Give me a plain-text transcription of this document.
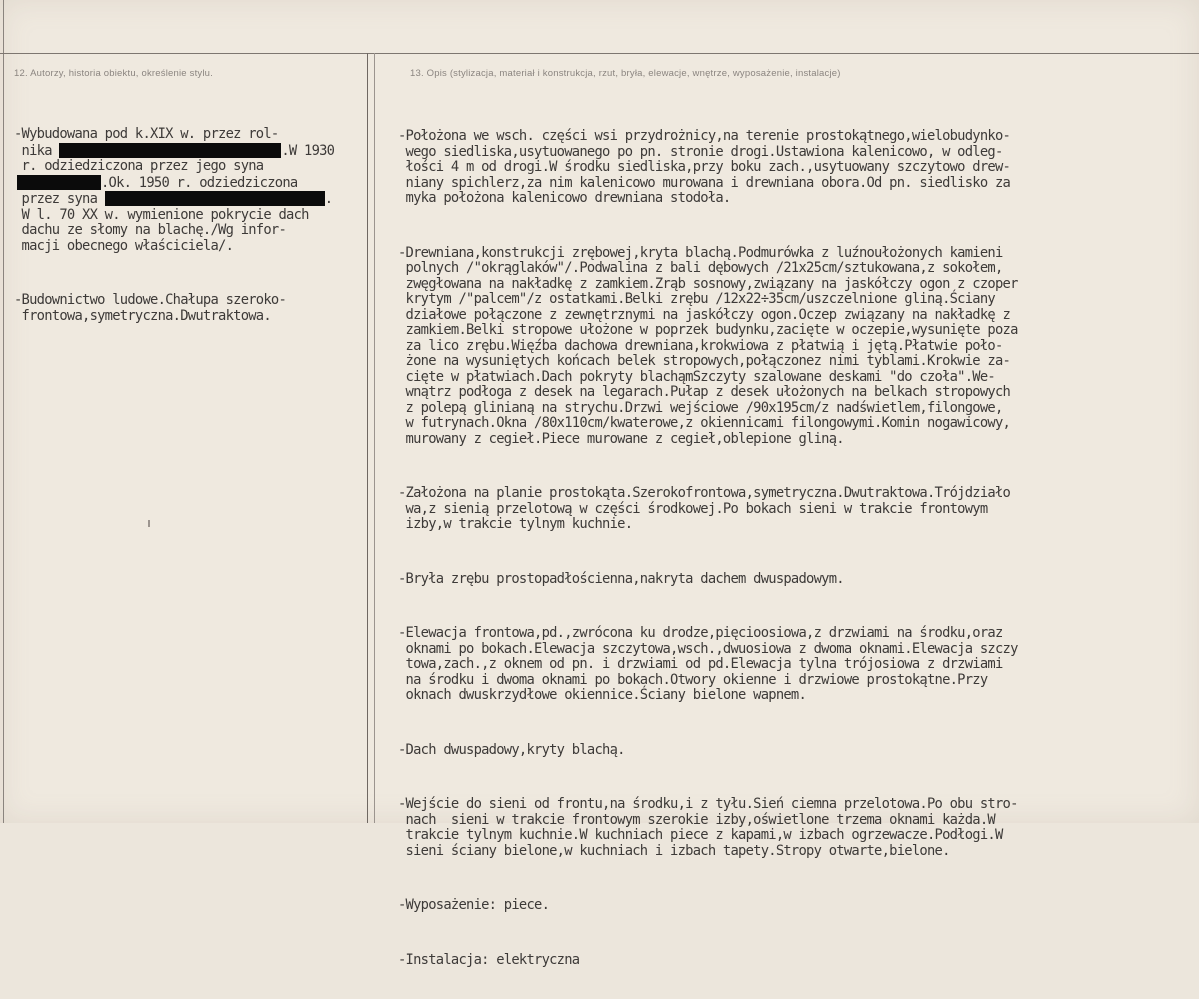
12. Autorzy, historia obiektu, określenie stylu.	13. Opis (stylizacja, materiał i konstrukcja, rzut, bryła, elewacje, wnętrze, wyposażenie, instalacje)

-Wybudowana pod k.XIX w. przez rol-
nika	.W 1930
r. odziedziczona przez jego syna
.Ok. 1950 r. odziedziczona
przez syna	.
W l. 70 XX w. wymienione pokrycie dach
dachu ze słomy na blachę./Wg infor-
macji obecnego właściciela/.

-Budownictwo ludowe.Chałupa szeroko-
frontowa,symetryczna.Dwutraktowa.

-Położona we wsch. części wsi przydrożnicy,na terenie prostokątnego,wielobudynko-
wego siedliska,usytuowanego po pn. stronie drogi.Ustawiona kalenicowo, w odleg-
łości 4 m od drogi.W środku siedliska,przy boku zach.,usytuowany szczytowo drew-
niany spichlerz,za nim kalenicowo murowana i drewniana obora.Od pn. siedlisko za
myka położona kalenicowo drewniana stodoła.

-Drewniana,konstrukcji zrębowej,kryta blachą.Podmurówka z luźnoułożonych kamieni
polnych /"okrąglaków"/.Podwalina z bali dębowych /21x25cm/sztukowana,z sokołem,
zwęgłowana na nakładkę z zamkiem.Zrąb sosnowy,związany na jaskółczy ogon z czoper
krytym /"palcem"/z ostatkami.Belki zrębu /12x22÷35cm/uszczelnione gliną.Ściany
działowe połączone z zewnętrznymi na jaskółczy ogon.Oczep związany na nakładkę z
zamkiem.Belki stropowe ułożone w poprzek budynku,zacięte w oczepie,wysunięte poza
za lico zrębu.Więźba dachowa drewniana,krokwiowa z płatwią i jętą.Płatwie poło-
żone na wysuniętych końcach belek stropowych,połączonez nimi tyblami.Krokwie za-
cięte w płatwiach.Dach pokryty blachąmSzczyty szalowane deskami "do czoła".We-
wnątrz podłoga z desek na legarach.Pułap z desek ułożonych na belkach stropowych
z polepą glinianą na strychu.Drzwi wejściowe /90x195cm/z nadświetlem,filongowe,
w futrynach.Okna /80x110cm/kwaterowe,z okiennicami filongowymi.Komin nogawicowy,
murowany z cegieł.Piece murowane z cegieł,oblepione gliną.

-Założona na planie prostokąta.Szerokofrontowa,symetryczna.Dwutraktowa.Trójdziało
wa,z sienią przelotową w części środkowej.Po bokach sieni w trakcie frontowym
izby,w trakcie tylnym kuchnie.

-Bryła zrębu prostopadłościenna,nakryta dachem dwuspadowym.

-Elewacja frontowa,pd.,zwrócona ku drodze,pięcioosiowa,z drzwiami na środku,oraz
oknami po bokach.Elewacja szczytowa,wsch.,dwuosiowa z dwoma oknami.Elewacja szczy
towa,zach.,z oknem od pn. i drzwiami od pd.Elewacja tylna trójosiowa z drzwiami
na środku i dwoma oknami po bokach.Otwory okienne i drzwiowe prostokątne.Przy
oknach dwuskrzydłowe okiennice.Ściany bielone wapnem.

-Dach dwuspadowy,kryty blachą.

-Wejście do sieni od frontu,na środku,i z tyłu.Sień ciemna przelotowa.Po obu stro-
nach  sieni w trakcie frontowym szerokie izby,oświetlone trzema oknami każda.W
trakcie tylnym kuchnie.W kuchniach piece z kapami,w izbach ogrzewacze.Podłogi.W
sieni ściany bielone,w kuchniach i izbach tapety.Stropy otwarte,bielone.

-Wyposażenie: piece.

-Instalacja: elektryczna
